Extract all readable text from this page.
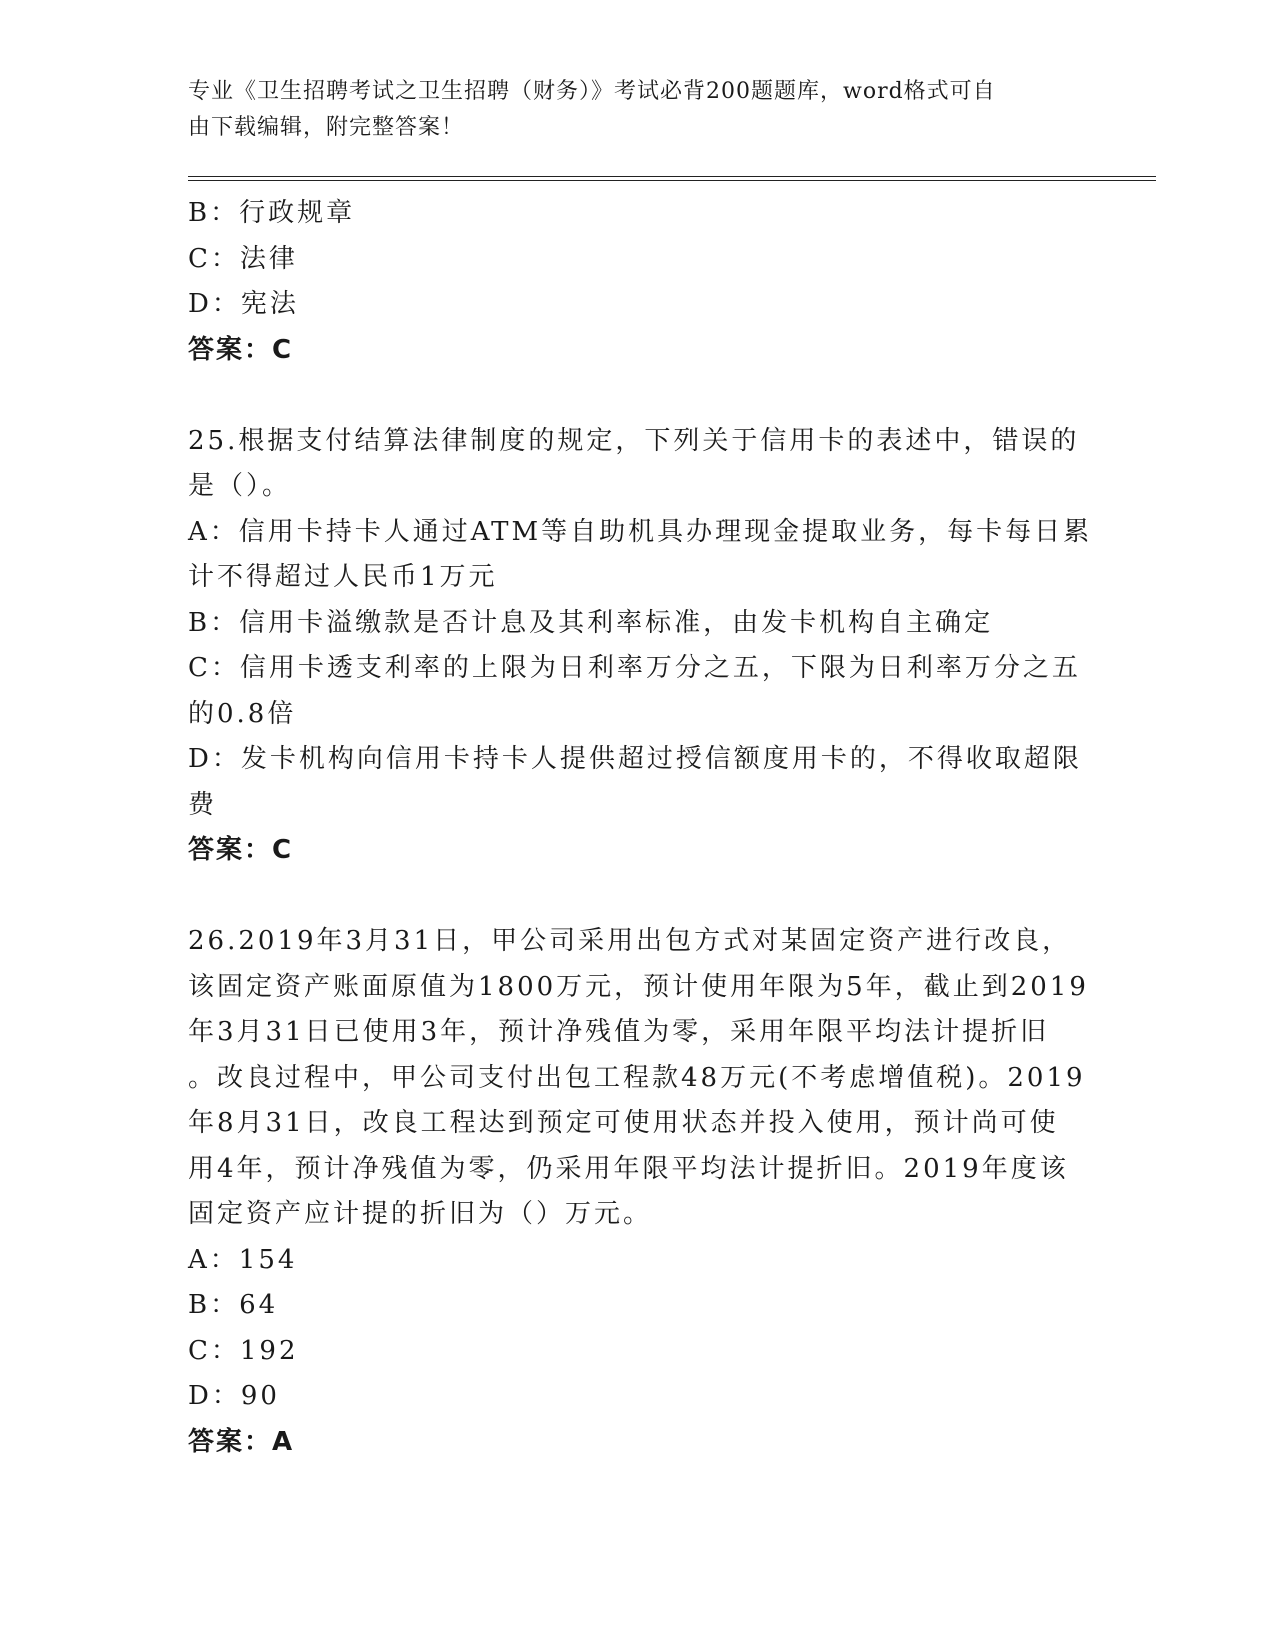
专业《卫生招聘考试之卫生招聘（财务）》考试必背200题题库，word格式可自
由下载编辑，附完整答案！
B：行政规章
C：法律
D：宪法
答案：C
25.根据支付结算法律制度的规定，下列关于信用卡的表述中，错误的
是（）。
A：信用卡持卡人通过ATM等自助机具办理现金提取业务，每卡每日累
计不得超过人民币1万元
B：信用卡溢缴款是否计息及其利率标准，由发卡机构自主确定
C：信用卡透支利率的上限为日利率万分之五，下限为日利率万分之五
的0.8倍
D：发卡机构向信用卡持卡人提供超过授信额度用卡的，不得收取超限
费
答案：C
26.2019年3月31日，甲公司采用出包方式对某固定资产进行改良，
该固定资产账面原值为1800万元，预计使用年限为5年，截止到2019
年3月31日已使用3年，预计净残值为零，采用年限平均法计提折旧
。改良过程中，甲公司支付出包工程款48万元(不考虑增值税)。2019
年8月31日，改良工程达到预定可使用状态并投入使用，预计尚可使
用4年，预计净残值为零，仍采用年限平均法计提折旧。2019年度该
固定资产应计提的折旧为（）万元。
A：154
B：64
C：192
D：90
答案：A
